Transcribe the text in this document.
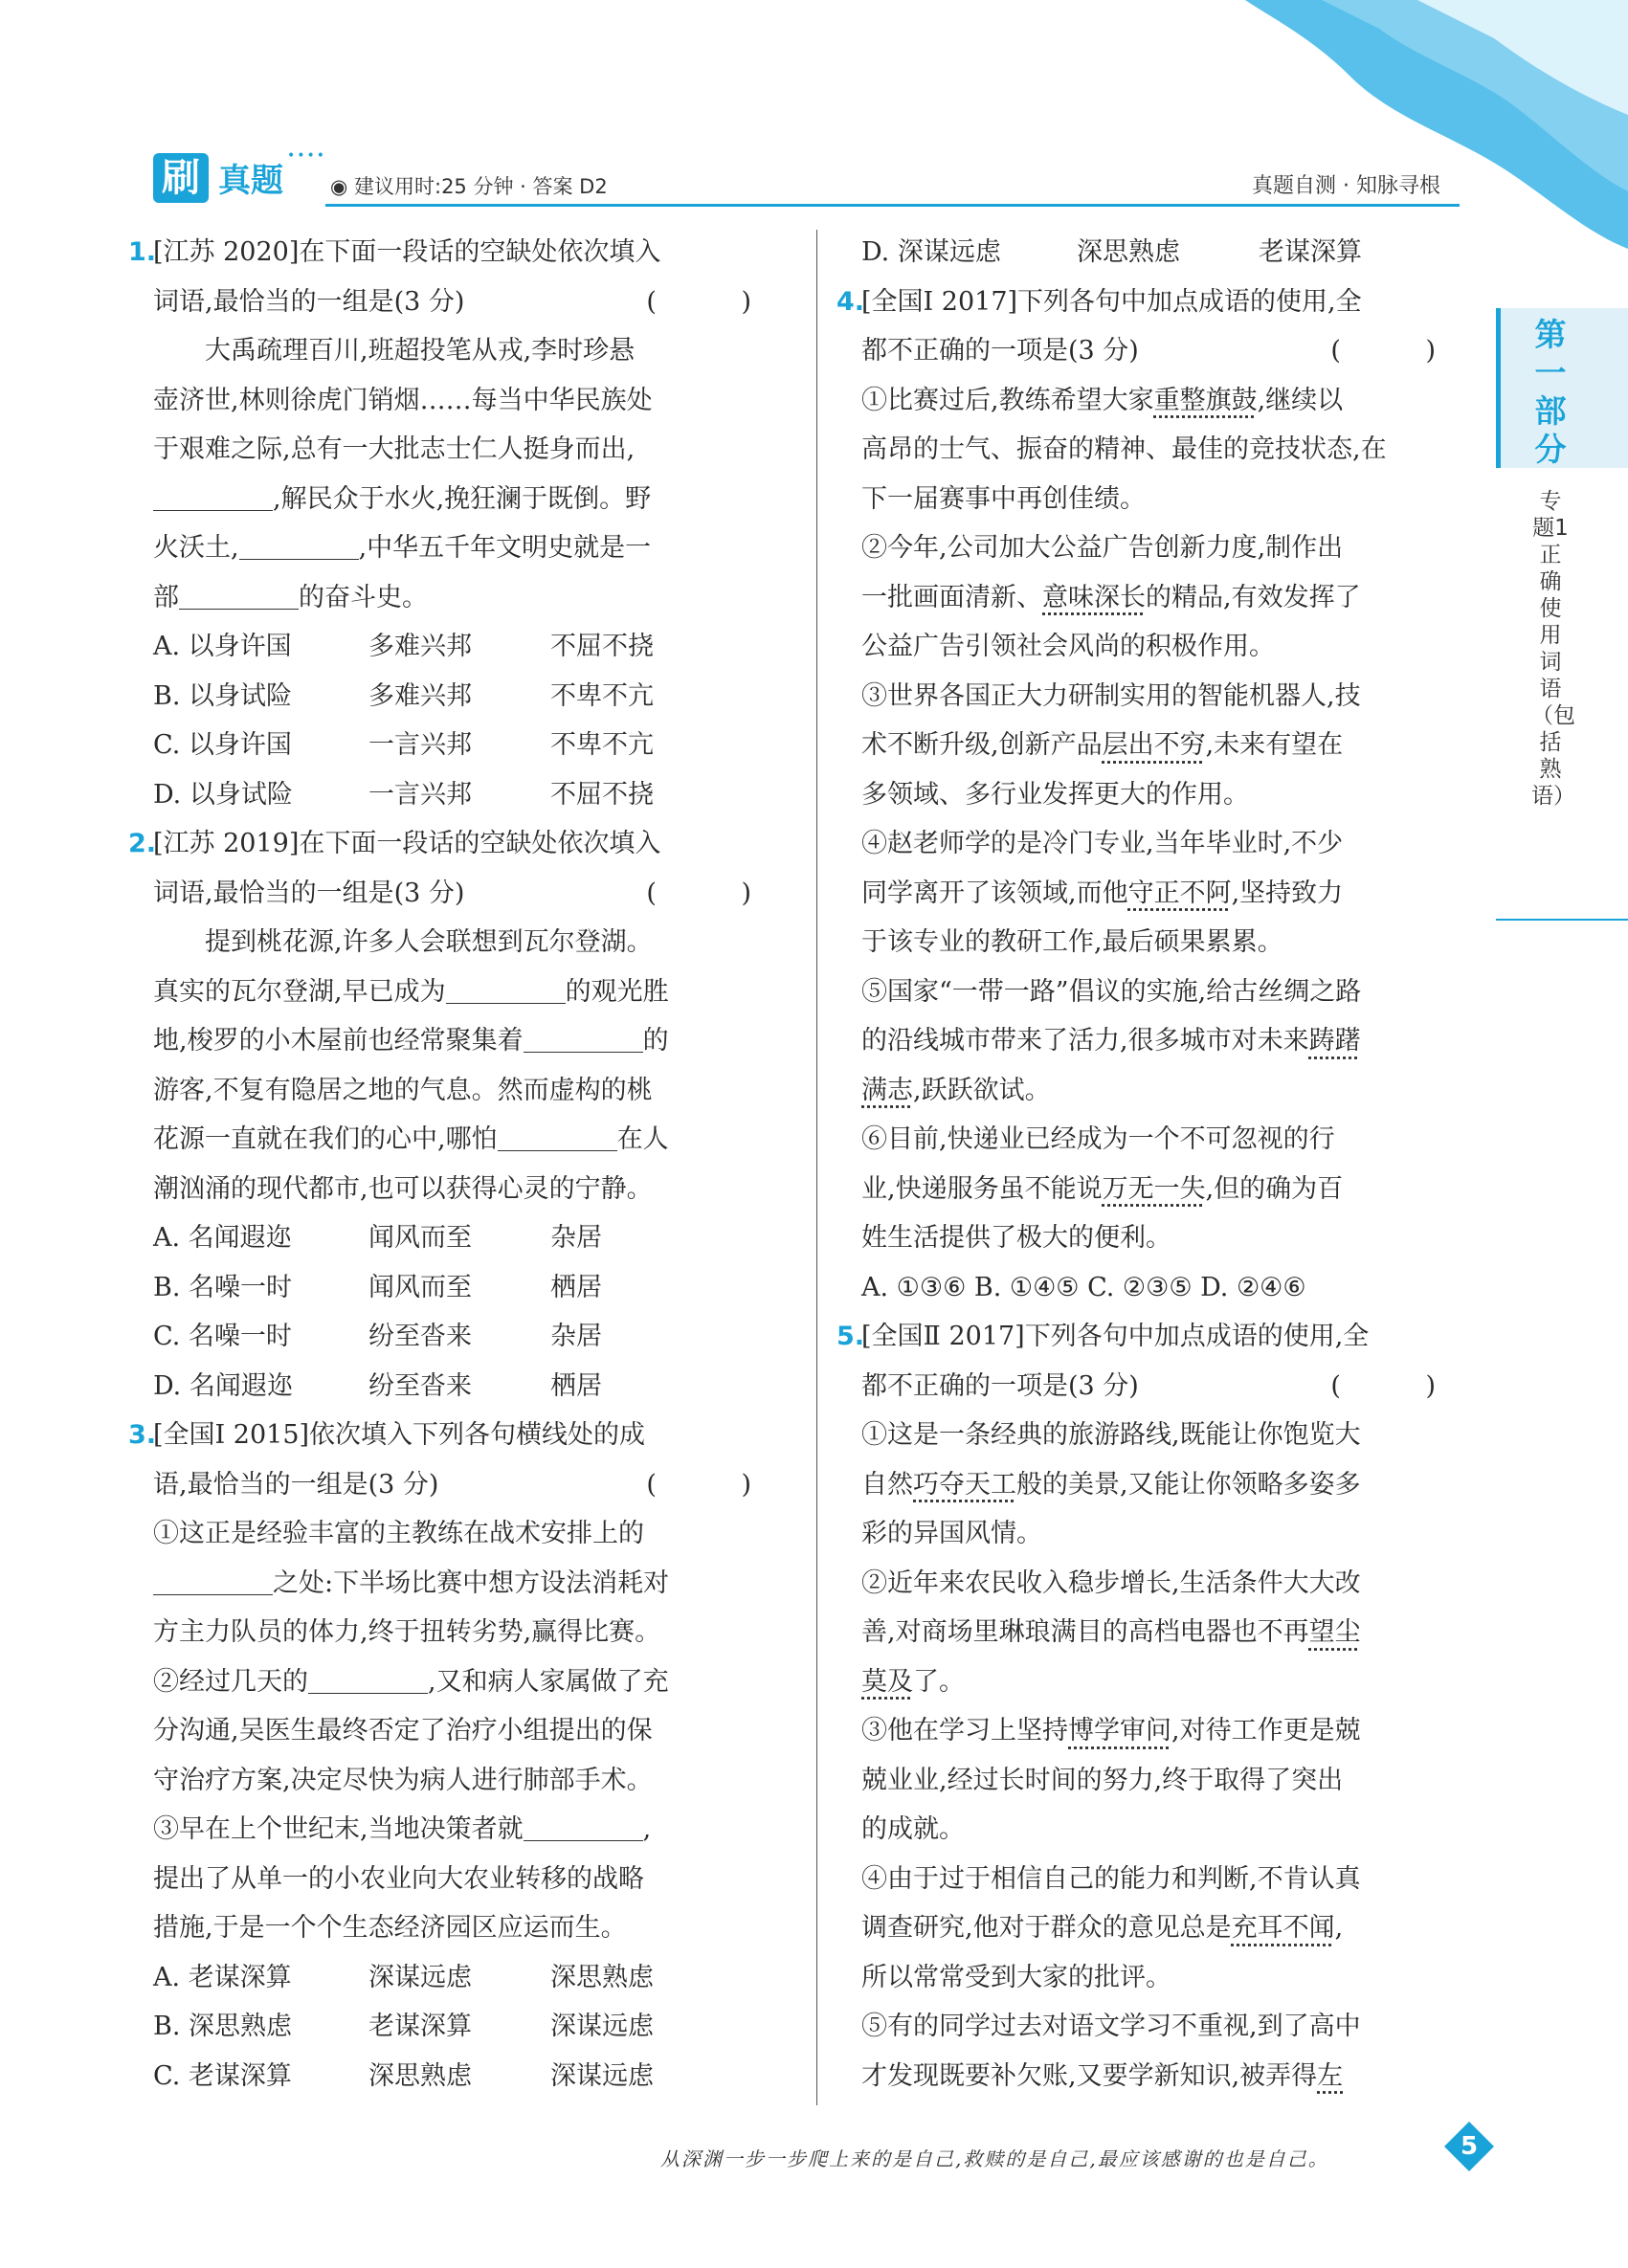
刷 真题
••••
◉ 建议用时:25 分钟 · 答案 D2	真题自测 · 知脉寻根
1.[江苏 2020]在下面一段话的空缺处依次填入
词语,最恰当的一组是(3 分)	( )
大禹疏理百川,班超投笔从戎,李时珍悬
壶济世,林则徐虎门销烟……每当中华民族处
于艰难之际,总有一大批志士仁人挺身而出,
,解民众于水火,挽狂澜于既倒。野
火沃土,	,中华五千年文明史就是一
部	的奋斗史。
A. 以身许国	多难兴邦	不屈不挠
B. 以身试险	多难兴邦	不卑不亢
C. 以身许国	一言兴邦	不卑不亢
D. 以身试险	一言兴邦	不屈不挠
2.[江苏 2019]在下面一段话的空缺处依次填入
词语,最恰当的一组是(3 分)	( )
提到桃花源,许多人会联想到瓦尔登湖。
真实的瓦尔登湖,早已成为	的观光胜
地,梭罗的小木屋前也经常聚集着	的
游客,不复有隐居之地的气息。然而虚构的桃
花源一直就在我们的心中,哪怕	在人
潮汹涌的现代都市,也可以获得心灵的宁静。
A. 名闻遐迩	闻风而至	杂居
B. 名噪一时	闻风而至	栖居
C. 名噪一时	纷至沓来	杂居
D. 名闻遐迩	纷至沓来	栖居
3.[全国Ⅰ 2015]依次填入下列各句横线处的成
语,最恰当的一组是(3 分)	( )
①这正是经验丰富的主教练在战术安排上的
之处:下半场比赛中想方设法消耗对
方主力队员的体力,终于扭转劣势,赢得比赛。
②经过几天的	,又和病人家属做了充
分沟通,吴医生最终否定了治疗小组提出的保
守治疗方案,决定尽快为病人进行肺部手术。
③早在上个世纪末,当地决策者就	,
提出了从单一的小农业向大农业转移的战略
措施,于是一个个生态经济园区应运而生。
A. 老谋深算	深谋远虑	深思熟虑
B. 深思熟虑	老谋深算	深谋远虑
C. 老谋深算	深思熟虑	深谋远虑
D. 深谋远虑	深思熟虑	老谋深算
4.[全国Ⅰ 2017]下列各句中加点成语的使用,全
都不正确的一项是(3 分)	( )
①比赛过后,教练希望大家重整旗鼓,继续以
高昂的士气、振奋的精神、最佳的竞技状态,在
下一届赛事中再创佳绩。
②今年,公司加大公益广告创新力度,制作出
一批画面清新、意味深长的精品,有效发挥了
公益广告引领社会风尚的积极作用。
③世界各国正大力研制实用的智能机器人,技
术不断升级,创新产品层出不穷,未来有望在
多领域、多行业发挥更大的作用。
④赵老师学的是冷门专业,当年毕业时,不少
同学离开了该领域,而他守正不阿,坚持致力
于该专业的教研工作,最后硕果累累。
⑤国家“一带一路”倡议的实施,给古丝绸之路
的沿线城市带来了活力,很多城市对未来踌躇
满志,跃跃欲试。
⑥目前,快递业已经成为一个不可忽视的行
业,快递服务虽不能说万无一失,但的确为百
姓生活提供了极大的便利。
A. ①③⑥ B. ①④⑤ C. ②③⑤ D. ②④⑥
5.[全国Ⅱ 2017]下列各句中加点成语的使用,全
都不正确的一项是(3 分)	( )
①这是一条经典的旅游路线,既能让你饱览大
自然巧夺天工般的美景,又能让你领略多姿多
彩的异国风情。
②近年来农民收入稳步增长,生活条件大大改
善,对商场里琳琅满目的高档电器也不再望尘
莫及了。
③他在学习上坚持博学审问,对待工作更是兢
兢业业,经过长时间的努力,终于取得了突出
的成就。
④由于过于相信自己的能力和判断,不肯认真
调查研究,他对于群众的意见总是充耳不闻,
所以常常受到大家的批评。
⑤有的同学过去对语文学习不重视,到了高中
才发现既要补欠账,又要学新知识,被弄得左
第一部分
专题1 正确使用词语（包括熟语）
从深渊一步一步爬上来的是自己,救赎的是自己,最应该感谢的也是自己。	5
